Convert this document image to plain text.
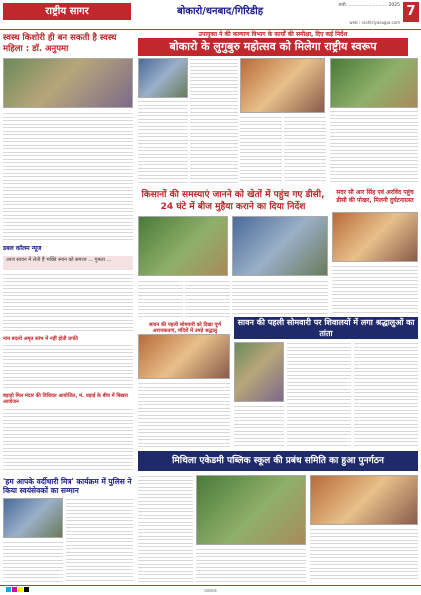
राष्ट्रीय सागर	बोकारो/धनबाद/गिरिडीह
रांची ............................ 2025
web : rashtriyasagar.com
7
उपायुक्त ने की कल्याण विभाग के कार्यों की समीक्षा, दिए कई निर्देश
बोकारो के लुगुबुरु महोत्सव को मिलेगा राष्ट्रीय स्वरूप
स्वस्थ किशोरी ही बन सकती है स्वस्थ महिला : डॉ. अनुपमा
किसानों की समस्याएं जानने को खेतों में पहुंच गए डीसी, 24 घंटे में बीज मुहैया कराने का दिया निर्देश
सदर सी आर सिंह एवं अरविंद पहुंच डीसी की पोखर, मिलनी दुर्घटनाग्रस्त
डबल कॉलम न्यूज
आज सावन में लेती हैं भक्ति स्नान को समाज ... गुमला ...
नाम बदलो अमृत स्तंभ में नहीं होती प्रगति
बड़ाहो मिल मंदार की विधिवत आयोजित, मं. धड़ाई के बीच में बिखरा आयोजन
सावन की पहली सोमवारी को दिखा पूर्ण अराजकताएं, मंदिरों में उमड़े श्रद्धालु
सावन की पहली सोमवारी पर शिवालयों में लगा श्रद्धालुओं का तांता
मिथिला एकेडमी पब्लिक स्कूल की प्रबंध समिति का हुआ पुनर्गठन
'हम आपके वर्दीधारी मित्र' कार्यक्रम में पुलिस ने किया स्वयंसेवकों का सम्मान
प्रकाशक
